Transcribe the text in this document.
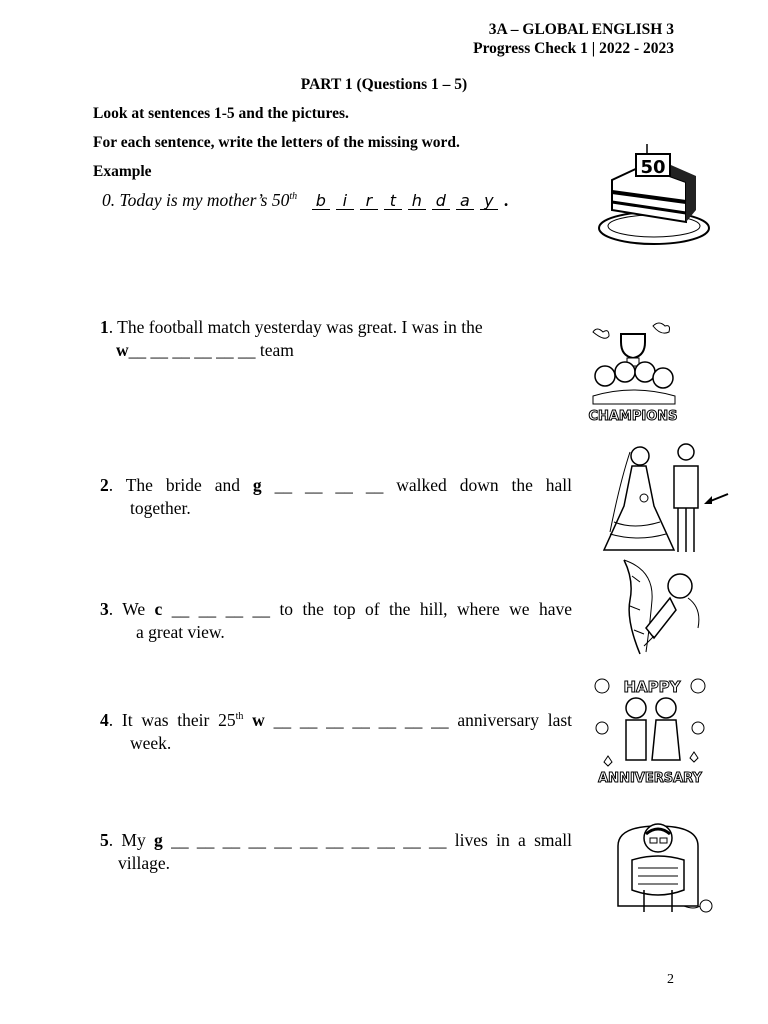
3A – GLOBAL ENGLISH 3
Progress Check 1 | 2022 - 2023
PART 1 (Questions 1 – 5)
Look at sentences 1-5 and the pictures.
For each sentence, write the letters of the missing word.
Example
0. Today is my mother’s 50th b i r t h d a y .
50
1. The football match yesterday was great. I was in the
w__ __ __ __ __ __ team
CHAMPIONS
2. The bride and g __ __ __ __ walked down the hall
together.
3. We c __ __ __ __ to the top of the hill, where we have
a great view.
4. It was their 25th w __ __ __ __ __ __ __ anniversary last
week.
HAPPY
ANNIVERSARY
5. My g __ __ __ __ __ __ __ __ __ __ __ lives in a small
village.
2
